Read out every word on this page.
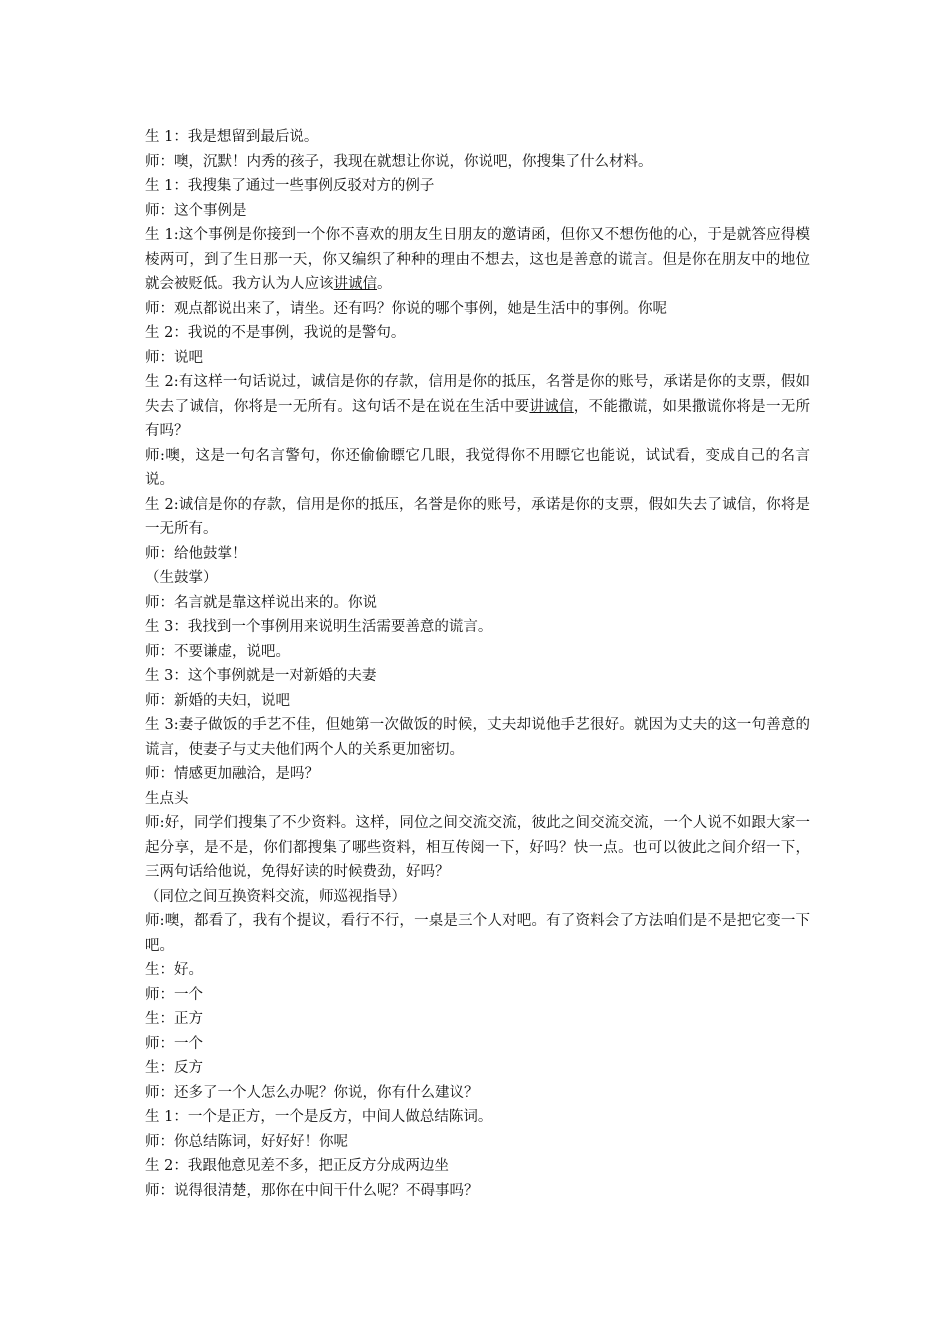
生 1：我是想留到最后说。

师：噢，沉默！内秀的孩子，我现在就想让你说，你说吧，你搜集了什么材料。

生 1：我搜集了通过一些事例反驳对方的例子

师：这个事例是

生 1:这个事例是你接到一个你不喜欢的朋友生日朋友的邀请函，但你又不想伤他的心，于是就答应得模棱两可，到了生日那一天，你又编织了种种的理由不想去，这也是善意的谎言。但是你在朋友中的地位就会被贬低。我方认为人应该讲诚信。

师：观点都说出来了，请坐。还有吗？你说的哪个事例，她是生活中的事例。你呢

生 2：我说的不是事例，我说的是警句。

师：说吧

生 2:有这样一句话说过，诚信是你的存款，信用是你的抵压，名誉是你的账号，承诺是你的支票，假如失去了诚信，你将是一无所有。这句话不是在说在生活中要讲诚信，不能撒谎，如果撒谎你将是一无所有吗？

师:噢，这是一句名言警句，你还偷偷瞟它几眼，我觉得你不用瞟它也能说，试试看，变成自己的名言说。

生 2:诚信是你的存款，信用是你的抵压，名誉是你的账号，承诺是你的支票，假如失去了诚信，你将是一无所有。

师：给他鼓掌！

（生鼓掌）

师：名言就是靠这样说出来的。你说

生 3：我找到一个事例用来说明生活需要善意的谎言。

师：不要谦虚，说吧。

生 3：这个事例就是一对新婚的夫妻

师：新婚的夫妇，说吧

生 3:妻子做饭的手艺不佳，但她第一次做饭的时候，丈夫却说他手艺很好。就因为丈夫的这一句善意的谎言，使妻子与丈夫他们两个人的关系更加密切。

师：情感更加融洽，是吗？

生点头

师:好，同学们搜集了不少资料。这样，同位之间交流交流，彼此之间交流交流，一个人说不如跟大家一起分享，是不是，你们都搜集了哪些资料，相互传阅一下，好吗？快一点。也可以彼此之间介绍一下，三两句话给他说，免得好读的时候费劲，好吗？

（同位之间互换资料交流，师巡视指导）

师:噢，都看了，我有个提议，看行不行，一桌是三个人对吧。有了资料会了方法咱们是不是把它变一下吧。

生：好。

师：一个

生：正方

师：一个

生：反方

师：还多了一个人怎么办呢？你说，你有什么建议？

生 1：一个是正方，一个是反方，中间人做总结陈词。

师：你总结陈词，好好好！你呢

生 2：我跟他意见差不多，把正反方分成两边坐

师：说得很清楚，那你在中间干什么呢？不碍事吗？
